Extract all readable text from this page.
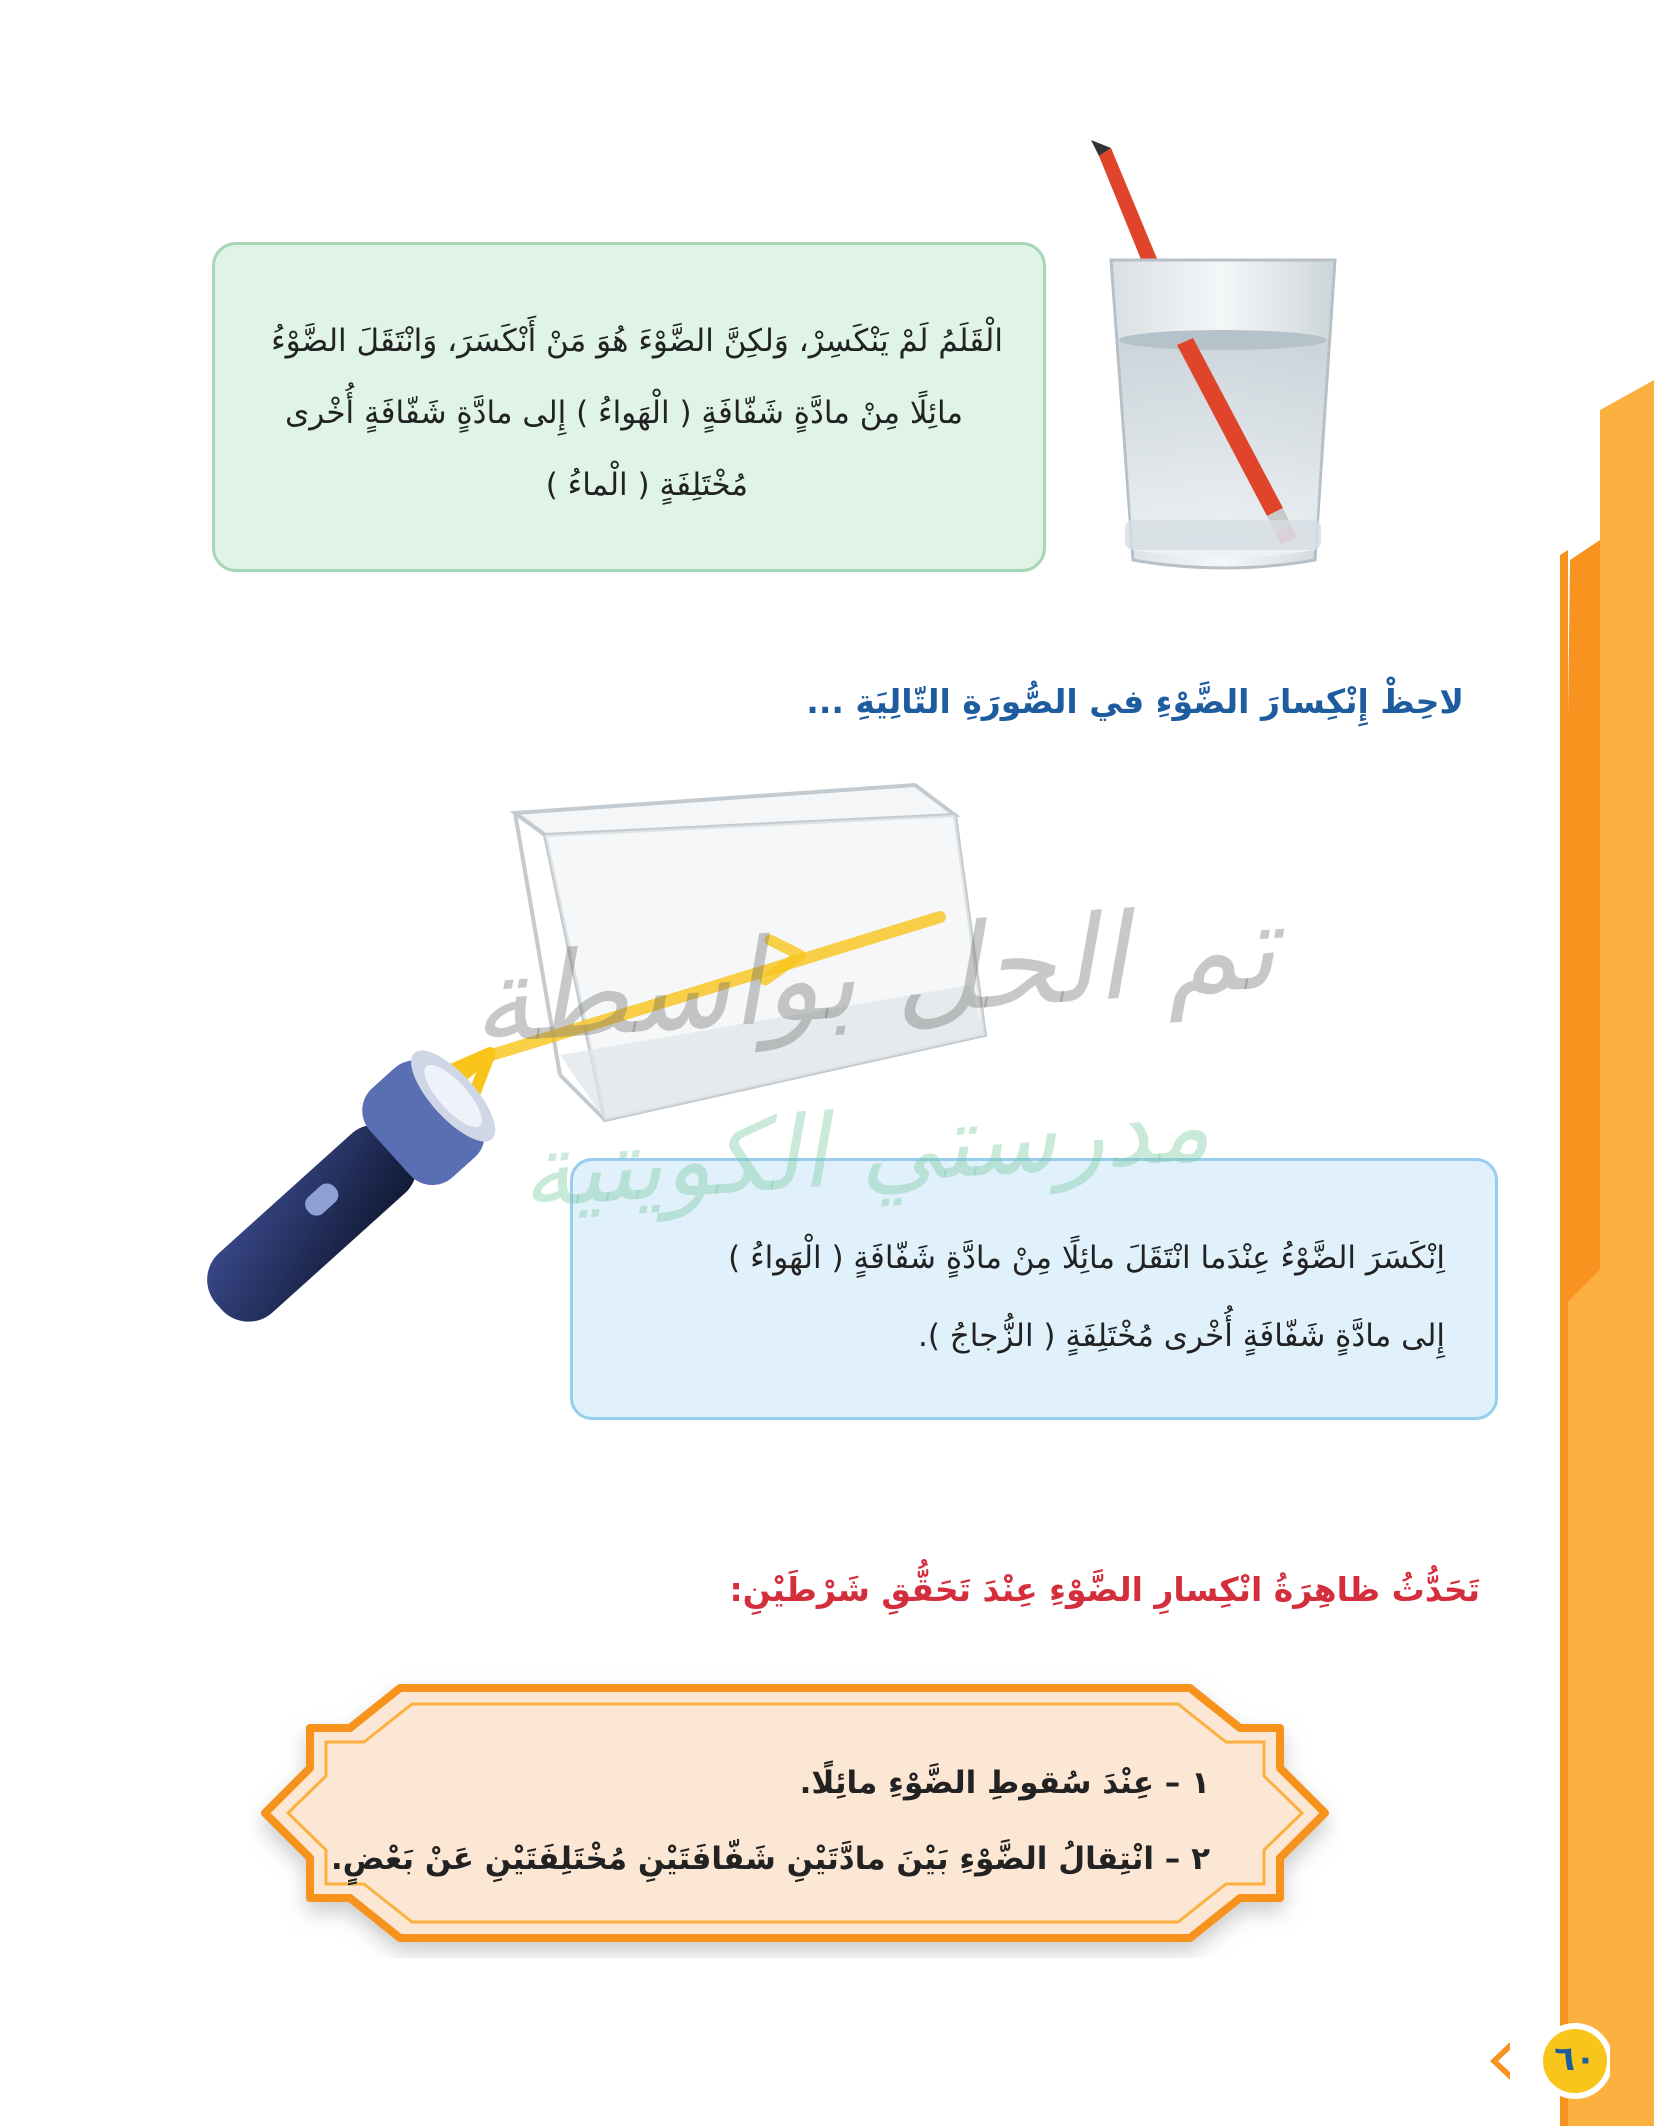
الْقَلَمُ لَمْ يَنْكَسِرْ، وَلكِنَّ الضَّوْءَ هُوَ مَنْ أَنْكَسَرَ، وَانْتَقَلَ الضَّوْءُ

مائِلًا مِنْ مادَّةٍ شَفّافَةٍ ( الْهَواءُ ) إِلى مادَّةٍ شَفّافَةٍ أُخْرى

مُخْتَلِفَةٍ ( الْماءُ )

لاحِظْ إِنْكِسارَ الضَّوْءِ في الصُّورَةِ التّالِيَةِ ...
تم الحل بواسطة

اِنْكَسَرَ الضَّوْءُ عِنْدَما انْتَقَلَ مائِلًا مِنْ مادَّةٍ شَفّافَةٍ ( الْهَواءُ )

إِلى مادَّةٍ شَفّافَةٍ أُخْرى مُخْتَلِفَةٍ ( الزُّجاجُ ).

مدرستي الكويتية
تَحَدُّثُ ظاهِرَةُ انْكِسارِ الضَّوْءِ عِنْدَ تَحَقُّقِ شَرْطَيْنِ:

١ – عِنْدَ سُقوطِ الضَّوْءِ مائِلًا.

٢ – انْتِقالُ الضَّوْءِ بَيْنَ مادَّتَيْنِ شَفّافَتَيْنِ مُخْتَلِفَتَيْنِ عَنْ بَعْضٍ.

٦٠
